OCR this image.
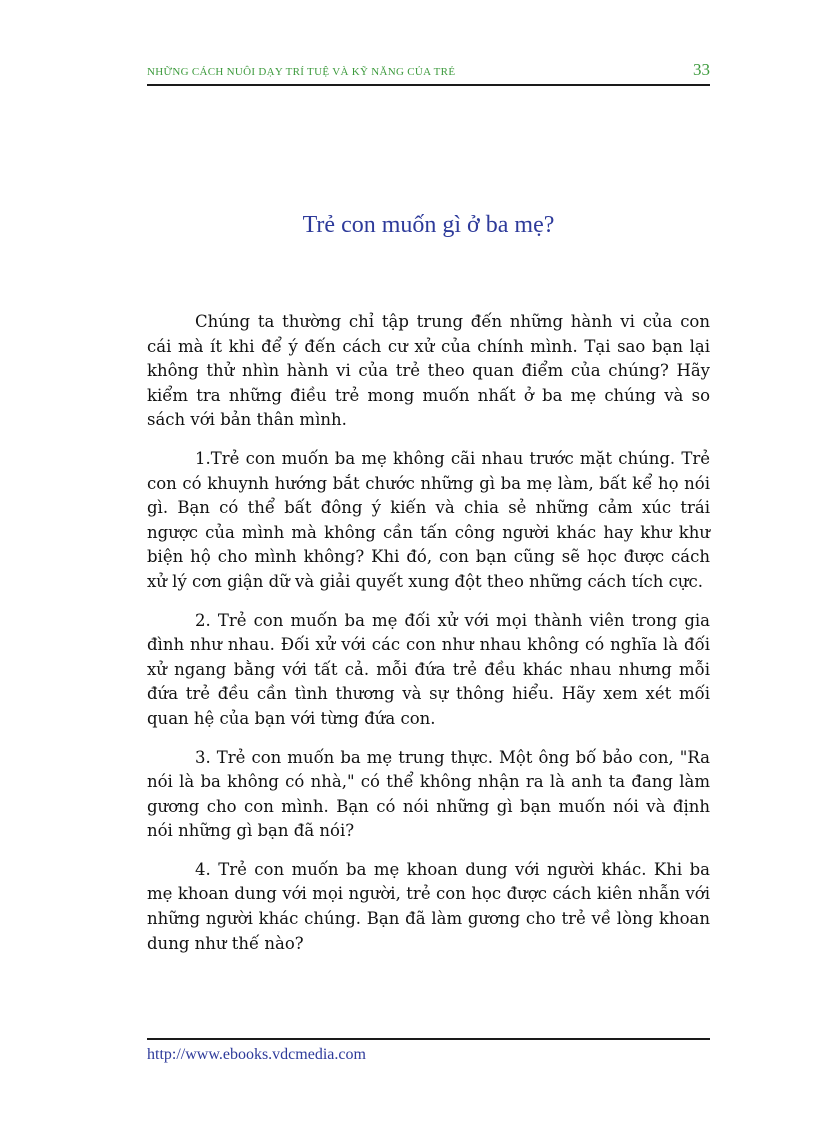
NHỮNG CÁCH NUÔI DẠY TRÍ TUỆ VÀ KỸ NĂNG CỦA TRẺ	33
Trẻ con muốn gì ở ba mẹ?

Chúng ta thường chỉ tập trung đến những hành vi của con cái mà ít khi để ý đến cách cư xử của chính mình. Tại sao bạn lại không thử nhìn hành vi của trẻ theo quan điểm của chúng? Hãy kiểm tra những điều trẻ mong muốn nhất ở ba mẹ chúng và so sách với bản thân mình.

1.Trẻ con muốn ba mẹ không cãi nhau trước mặt chúng. Trẻ con có khuynh hướng bắt chước những gì ba mẹ làm, bất kể họ nói gì. Bạn có thể bất đông ý kiến và chia sẻ những cảm xúc trái ngược của mình mà không cần tấn công người khác hay khư khư biện hộ cho mình không? Khi đó, con bạn cũng sẽ học được cách xử lý cơn giận dữ và giải quyết xung đột theo những cách tích cực.

2. Trẻ con muốn ba mẹ đối xử với mọi thành viên trong gia đình như nhau. Đối xử với các con như nhau không có nghĩa là đối xử ngang bằng với tất cả. mỗi đứa trẻ đều khác nhau nhưng mỗi đứa trẻ đều cần tình thương và sự thông hiểu. Hãy xem xét mối quan hệ của bạn với từng đứa con.

3. Trẻ con muốn ba mẹ trung thực. Một ông bố bảo con, "Ra nói là ba không có nhà," có thể không nhận ra là anh ta đang làm gương cho con mình. Bạn có nói những gì bạn muốn nói và định nói những gì bạn đã nói?

4. Trẻ con muốn ba mẹ khoan dung với người khác. Khi ba mẹ khoan dung với mọi người, trẻ con học được cách kiên nhẫn với những người khác chúng. Bạn đã làm gương cho trẻ về lòng khoan dung như thế nào?

http://www.ebooks.vdcmedia.com
